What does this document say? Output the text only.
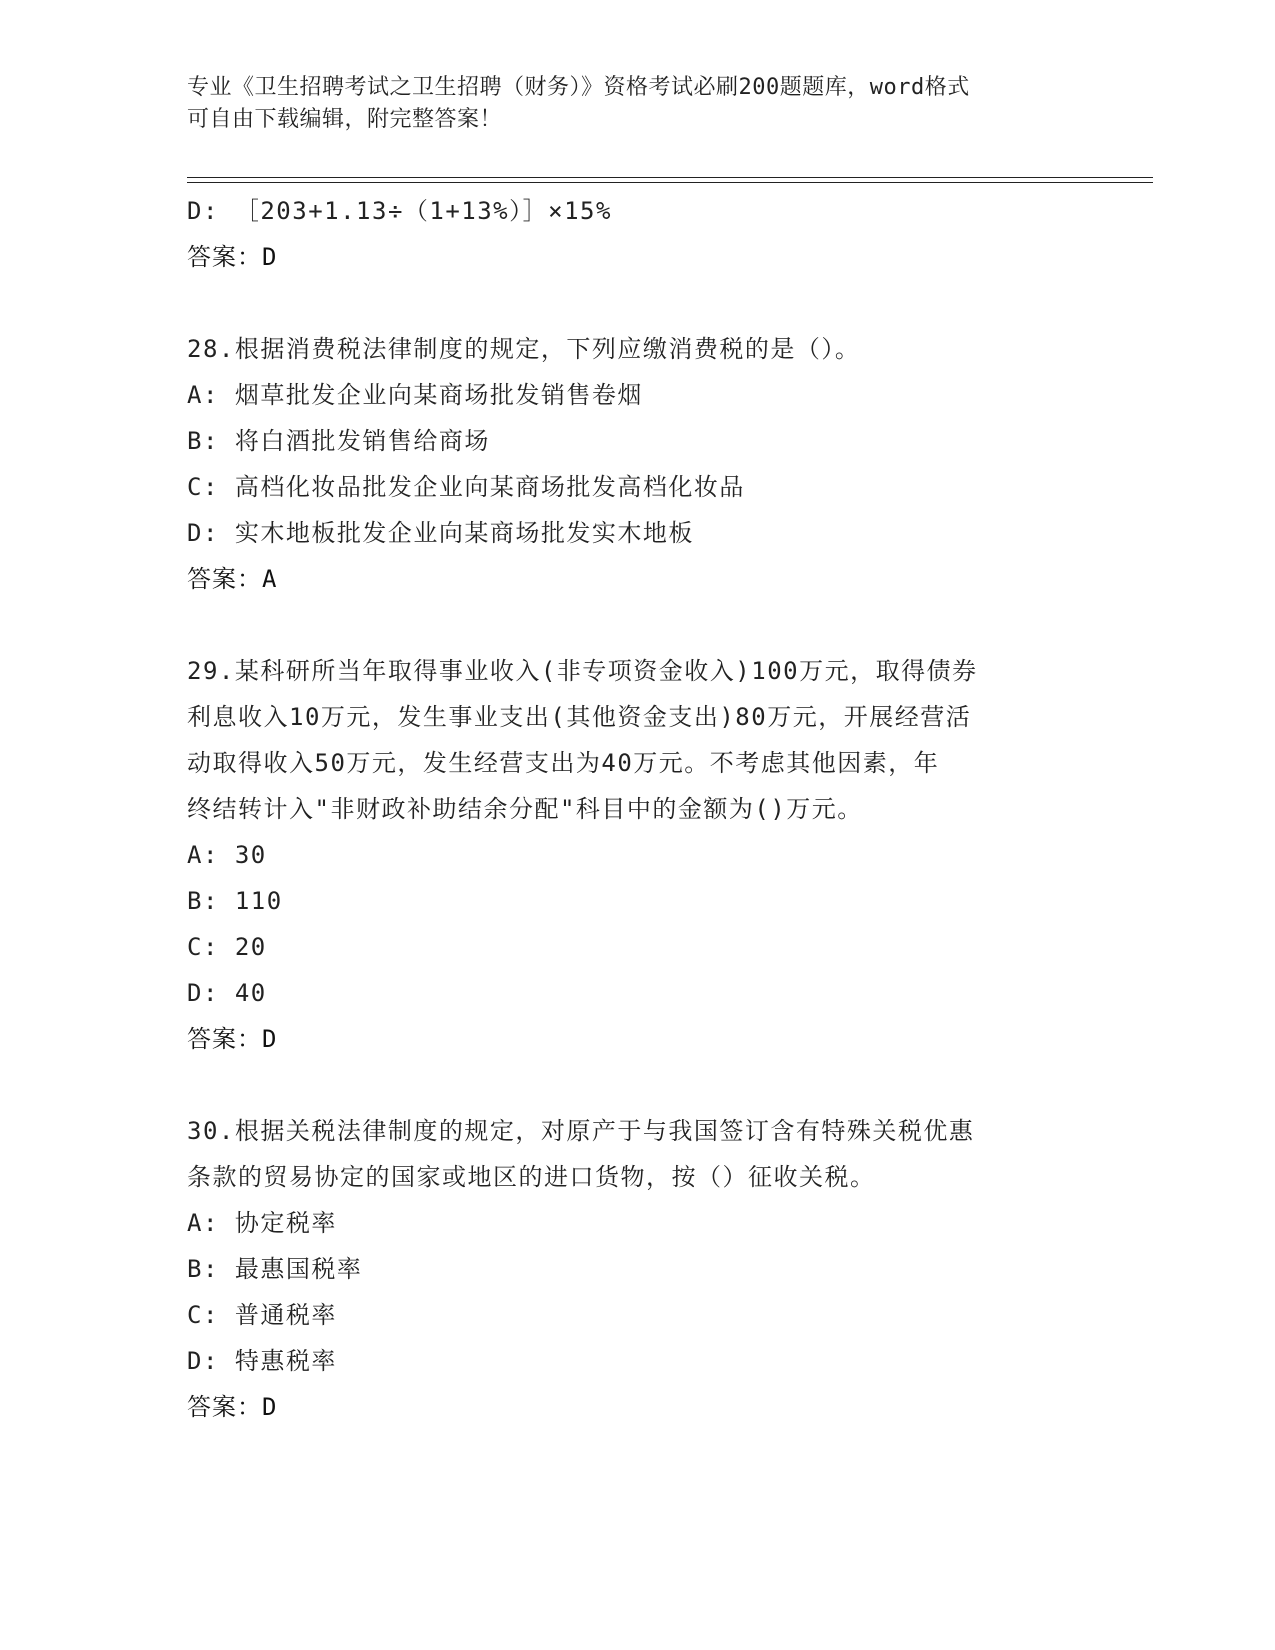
专业《卫生招聘考试之卫生招聘（财务）》资格考试必刷200题题库，word格式
可自由下载编辑，附完整答案！
D: ［203+1.13÷（1+13%）］×15%
答案：D
28.根据消费税法律制度的规定，下列应缴消费税的是（）。
A: 烟草批发企业向某商场批发销售卷烟
B: 将白酒批发销售给商场
C: 高档化妆品批发企业向某商场批发高档化妆品
D: 实木地板批发企业向某商场批发实木地板
答案：A
29.某科研所当年取得事业收入(非专项资金收入)100万元，取得债券
利息收入10万元，发生事业支出(其他资金支出)80万元，开展经营活
动取得收入50万元，发生经营支出为40万元。不考虑其他因素，年
终结转计入"非财政补助结余分配"科目中的金额为()万元。
A: 30
B: 110
C: 20
D: 40
答案：D
30.根据关税法律制度的规定，对原产于与我国签订含有特殊关税优惠
条款的贸易协定的国家或地区的进口货物，按（）征收关税。
A: 协定税率
B: 最惠国税率
C: 普通税率
D: 特惠税率
答案：D
